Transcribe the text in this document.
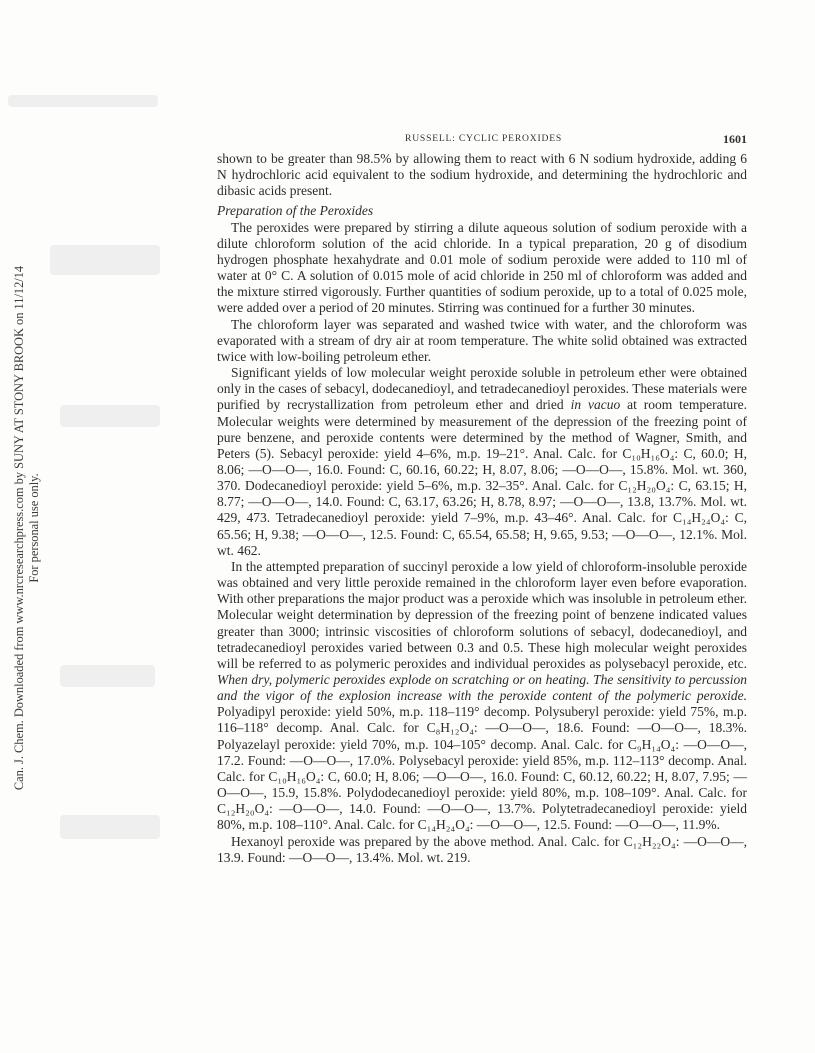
Can. J. Chem. Downloaded from www.nrcresearchpress.com by SUNY AT STONY BROOK on 11/12/14 For personal use only.
RUSSELL: CYCLIC PEROXIDES	1601

shown to be greater than 98.5% by allowing them to react with 6 N sodium hydroxide, adding 6 N hydrochloric acid equivalent to the sodium hydroxide, and determining the hydrochloric and dibasic acids present.

Preparation of the Peroxides

The peroxides were prepared by stirring a dilute aqueous solution of sodium peroxide with a dilute chloroform solution of the acid chloride. In a typical preparation, 20 g of disodium hydrogen phosphate hexahydrate and 0.01 mole of sodium peroxide were added to 110 ml of water at 0° C. A solution of 0.015 mole of acid chloride in 250 ml of chloroform was added and the mixture stirred vigorously. Further quantities of sodium peroxide, up to a total of 0.025 mole, were added over a period of 20 minutes. Stirring was continued for a further 30 minutes.

The chloroform layer was separated and washed twice with water, and the chloroform was evaporated with a stream of dry air at room temperature. The white solid obtained was extracted twice with low-boiling petroleum ether.

Significant yields of low molecular weight peroxide soluble in petroleum ether were obtained only in the cases of sebacyl, dodecanedioyl, and tetradecanedioyl peroxides. These materials were purified by recrystallization from petroleum ether and dried in vacuo at room temperature. Molecular weights were determined by measurement of the depression of the freezing point of pure benzene, and peroxide contents were determined by the method of Wagner, Smith, and Peters (5). Sebacyl peroxide: yield 4–6%, m.p. 19–21°. Anal. Calc. for C₁₀H₁₆O₄: C, 60.0; H, 8.06; —O—O—, 16.0. Found: C, 60.16, 60.22; H, 8.07, 8.06; —O—O—, 15.8%. Mol. wt. 360, 370. Dodecanedioyl peroxide: yield 5–6%, m.p. 32–35°. Anal. Calc. for C₁₂H₂₀O₄: C, 63.15; H, 8.77; —O—O—, 14.0. Found: C, 63.17, 63.26; H, 8.78, 8.97; —O—O—, 13.8, 13.7%. Mol. wt. 429, 473. Tetradecanedioyl peroxide: yield 7–9%, m.p. 43–46°. Anal. Calc. for C₁₄H₂₄O₄: C, 65.56; H, 9.38; —O—O—, 12.5. Found: C, 65.54, 65.58; H, 9.65, 9.53; —O—O—, 12.1%. Mol. wt. 462.

In the attempted preparation of succinyl peroxide a low yield of chloroform-insoluble peroxide was obtained and very little peroxide remained in the chloroform layer even before evaporation. With other preparations the major product was a peroxide which was insoluble in petroleum ether. Molecular weight determination by depression of the freezing point of benzene indicated values greater than 3000; intrinsic viscosities of chloroform solutions of sebacyl, dodecanedioyl, and tetradecanedioyl peroxides varied between 0.3 and 0.5. These high molecular weight peroxides will be referred to as polymeric peroxides and individual peroxides as polysebacyl peroxide, etc. When dry, polymeric peroxides explode on scratching or on heating. The sensitivity to percussion and the vigor of the explosion increase with the peroxide content of the polymeric peroxide. Polyadipyl peroxide: yield 50%, m.p. 118–119° decomp. Polysuberyl peroxide: yield 75%, m.p. 116–118° decomp. Anal. Calc. for C₈H₁₂O₄: —O—O—, 18.6. Found: —O—O—, 18.3%. Polyazelayl peroxide: yield 70%, m.p. 104–105° decomp. Anal. Calc. for C₉H₁₄O₄: —O—O—, 17.2. Found: —O—O—, 17.0%. Polysebacyl peroxide: yield 85%, m.p. 112–113° decomp. Anal. Calc. for C₁₀H₁₆O₄: C, 60.0; H, 8.06; —O—O—, 16.0. Found: C, 60.12, 60.22; H, 8.07, 7.95; —O—O—, 15.9, 15.8%. Polydodecanedioyl peroxide: yield 80%, m.p. 108–109°. Anal. Calc. for C₁₂H₂₀O₄: —O—O—, 14.0. Found: —O—O—, 13.7%. Polytetradecanedioyl peroxide: yield 80%, m.p. 108–110°. Anal. Calc. for C₁₄H₂₄O₄: —O—O—, 12.5. Found: —O—O—, 11.9%.

Hexanoyl peroxide was prepared by the above method. Anal. Calc. for C₁₂H₂₂O₄: —O—O—, 13.9. Found: —O—O—, 13.4%. Mol. wt. 219.
